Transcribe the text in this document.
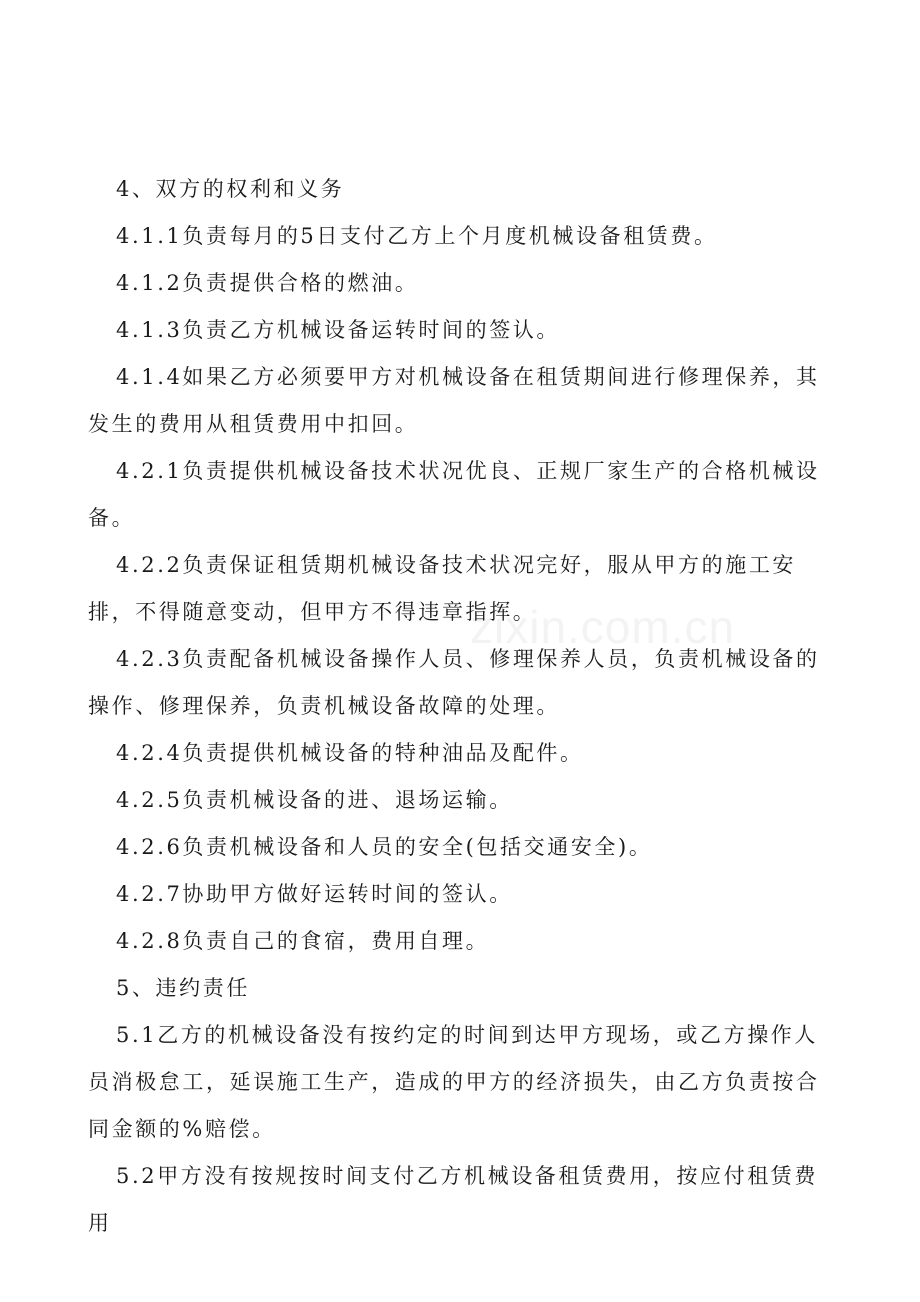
zixin.com.cn

4、双方的权利和义务

4.1.1负责每月的5日支付乙方上个月度机械设备租赁费。

4.1.2负责提供合格的燃油。

4.1.3负责乙方机械设备运转时间的签认。

4.1.4如果乙方必须要甲方对机械设备在租赁期间进行修理保养，其发生的费用从租赁费用中扣回。

4.2.1负责提供机械设备技术状况优良、正规厂家生产的合格机械设备。

4.2.2负责保证租赁期机械设备技术状况完好，服从甲方的施工安排，不得随意变动，但甲方不得违章指挥。

4.2.3负责配备机械设备操作人员、修理保养人员，负责机械设备的操作、修理保养，负责机械设备故障的处理。

4.2.4负责提供机械设备的特种油品及配件。

4.2.5负责机械设备的进、退场运输。

4.2.6负责机械设备和人员的安全(包括交通安全)。

4.2.7协助甲方做好运转时间的签认。

4.2.8负责自己的食宿，费用自理。

5、违约责任

5.1乙方的机械设备没有按约定的时间到达甲方现场，或乙方操作人员消极怠工，延误施工生产，造成的甲方的经济损失，由乙方负责按合同金额的%赔偿。

5.2甲方没有按规按时间支付乙方机械设备租赁费用，按应付租赁费用
